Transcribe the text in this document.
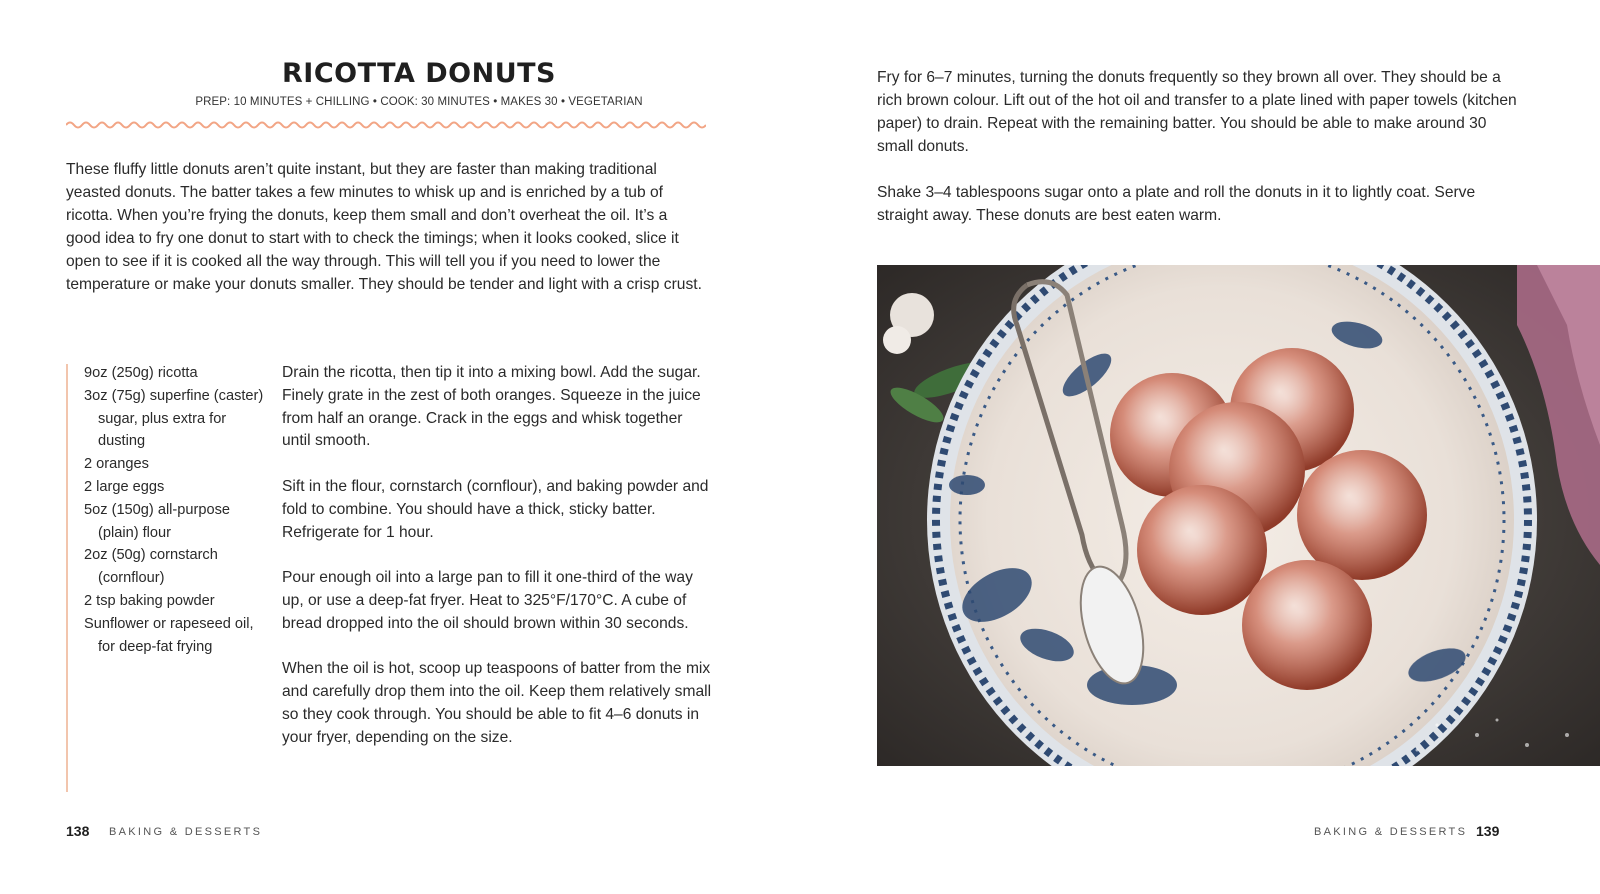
RICOTTA DONUTS
PREP: 10 MINUTES + CHILLING • COOK: 30 MINUTES • MAKES 30 • VEGETARIAN

These fluffy little donuts aren’t quite instant, but they are faster than making traditional yeasted donuts. The batter takes a few minutes to whisk up and is enriched by a tub of ricotta. When you’re frying the donuts, keep them small and don’t overheat the oil. It’s a good idea to fry one donut to start with to check the timings; when it looks cooked, slice it open to see if it is cooked all the way through. This will tell you if you need to lower the temperature or make your donuts smaller. They should be tender and light with a crisp crust.

9oz (250g) ricotta
3oz (75g) superfine (caster) sugar, plus extra for dusting
2 oranges
2 large eggs
5oz (150g) all-purpose (plain) flour
2oz (50g) cornstarch (cornflour)
2 tsp baking powder
Sunflower or rapeseed oil, for deep-fat frying

Drain the ricotta, then tip it into a mixing bowl. Add the sugar. Finely grate in the zest of both oranges. Squeeze in the juice from half an orange. Crack in the eggs and whisk together until smooth.

Sift in the flour, cornstarch (cornflour), and baking powder and fold to combine. You should have a thick, sticky batter. Refrigerate for 1 hour.

Pour enough oil into a large pan to fill it one-third of the way up, or use a deep-fat fryer. Heat to 325°F/170°C. A cube of bread dropped into the oil should brown within 30 seconds.

When the oil is hot, scoop up teaspoons of batter from the mix and carefully drop them into the oil. Keep them relatively small so they cook through. You should be able to fit 4–6 donuts in your fryer, depending on the size.

138 BAKING & DESSERTS

Fry for 6–7 minutes, turning the donuts frequently so they brown all over. They should be a rich brown colour. Lift out of the hot oil and transfer to a plate lined with paper towels (kitchen paper) to drain. Repeat with the remaining batter. You should be able to make around 30 small donuts.

Shake 3–4 tablespoons sugar onto a plate and roll the donuts in it to lightly coat. Serve straight away. These donuts are best eaten warm.

BAKING & DESSERTS 139
